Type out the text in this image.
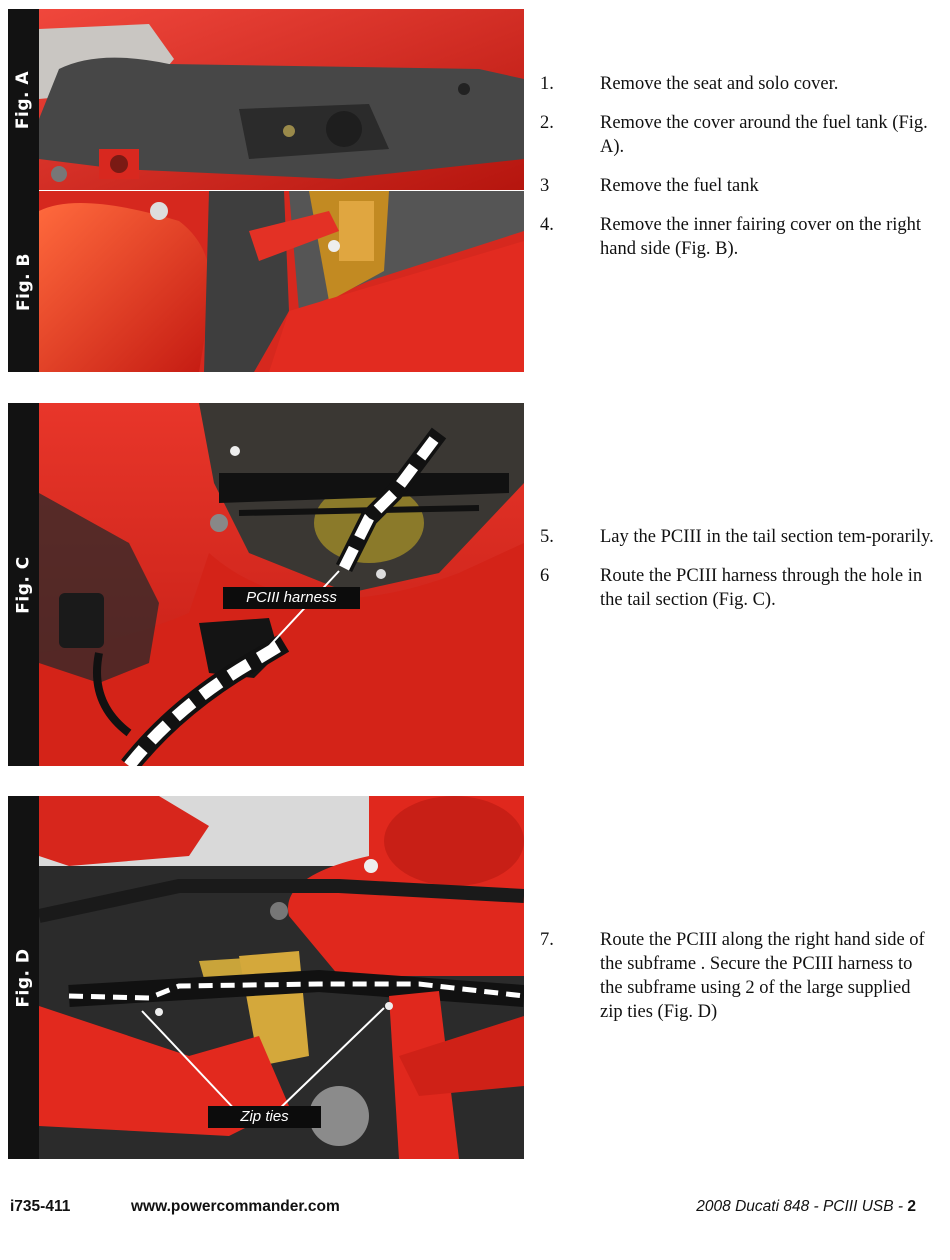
Fig. A
Fig. B
Fig. C	PCIII harness
Fig. D
Zip ties
1.	Remove the seat and solo cover.
2.	Remove the cover around the fuel tank (Fig. A).
3	Remove the fuel tank
4.	Remove the inner fairing cover on the right hand side (Fig. B).
5.	Lay the PCIII in the tail section tem-porarily.
6	Route the PCIII harness through the hole in the tail section (Fig. C).
7.	Route the PCIII along the right hand side of the subframe . Secure the PCIII harness to the subframe using 2 of the large supplied zip ties (Fig. D)
i735-411	www.powercommander.com	2008 Ducati 848 - PCIII USB - 2
